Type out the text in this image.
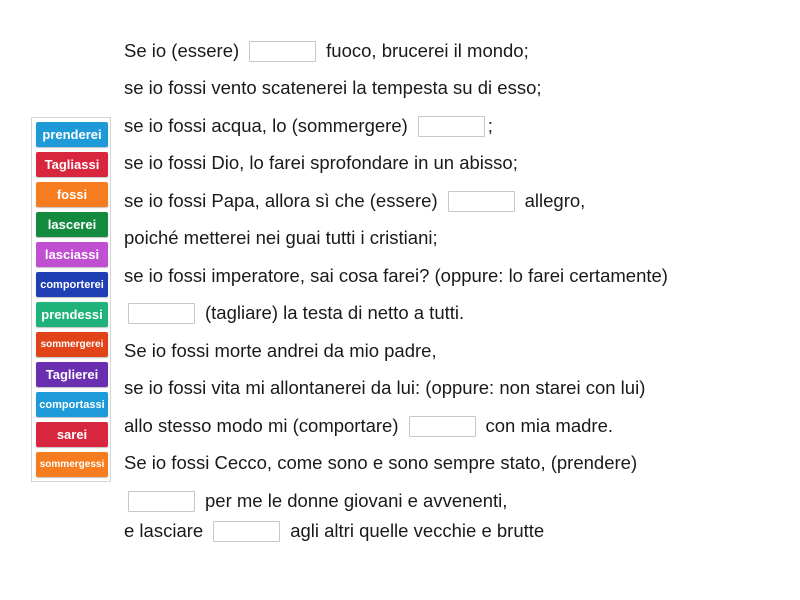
prenderei
Tagliassi
fossi
lascerei
lasciassi
comporterei
prendessi
sommergerei
Taglierei
comportassi
sarei
sommergessi
Se io (essere)	fuoco, brucerei il mondo;
se io fossi vento scatenerei la tempesta su di esso;
se io fossi acqua, lo (sommergere)	;
se io fossi Dio, lo farei sprofondare in un abisso;
se io fossi Papa, allora sì che (essere)	allegro,
poiché metterei nei guai tutti i cristiani;
se io fossi imperatore, sai cosa farei? (oppure: lo farei certamente)
(tagliare) la testa di netto a tutti.
Se io fossi morte andrei da mio padre,
se io fossi vita mi allontanerei da lui: (oppure: non starei con lui)
allo stesso modo mi (comportare)	con mia madre.
Se io fossi Cecco, come sono e sono sempre stato, (prendere)
per me le donne giovani e avvenenti,
e lasciare	agli altri quelle vecchie e brutte
